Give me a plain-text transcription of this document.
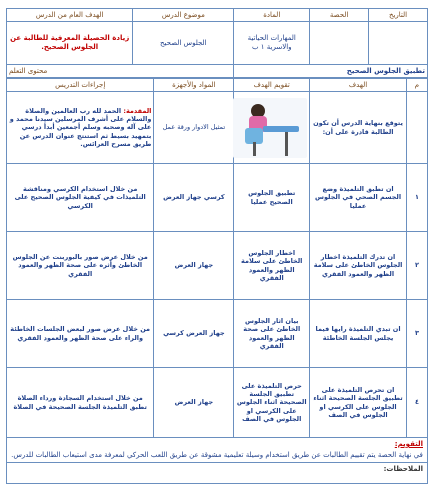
التاريخ	الحصة	المادة	موضوع الدرس	الهدف العام من الدرس
		المهارات الحياتية والاسرية ١ ب	الجلوس الصحيح	زيادة الحصيلة المعرفية للطالبة عن الجلوس الصحيح.
تطبيق الجلوس الصحيح			محتوى التعلم	
م	الهدف	تقويم الهدف	المواد والأجهزة	إجراءات التدريس
	يتوقع بنهاية الدرس أن تكون الطالبة قادرة على أن:		تمثيل الادوار ورقة عمل	المقدمة: الحمد لله رب العالمين والصلاة والسلام على أشرف المرسلين سيدنا محمد و على آله وصحبه وسلم أجمعين أبدأ درسي بتمهيد بسيط ثم استنتج عنوان الدرس عن طريق مسرح العرائس.
١	ان تطبق التلميذة وضع الجسم الصحي في الجلوس عمليا	تطبيق الجلوس الصحيح عمليا	كرسي جهاز العرض	من خلال استخدام الكرسي ومناقشة التلميذات في كيفية الجلوس الصحيح على الكرسي
٢	ان تدرك التلميذة اخطار الجلوس الخاطئ على سلامة الظهر والعمود الفقري	اخطار الجلوس الخاطئ على سلامة الظهر والعمود الفقري	جهاز العرض	من خلال عرض صور بالبوربنت عن الجلوس الخاطئ وأثره على صحة الظهر والعمود الفقري
٣	ان تبدي التلميذة رايها فيما يجلس الجلسة الخاطئة	بيان اثار الجلوس الخاطئ على صحة الظهر والعمود الفقري	جهاز العرض كرسي	من خلال عرض صور لبعض الجلسات الخاطئة والراء على صحة الظهر والعمود الفقري
٤	ان تحرص التلميذة على تطبيق الجلسة الصحيحة اثناء الجلوس على الكرسي او الجلوس في الصف	حرص التلميذة على تطبيق الجلسة الصحيحة اثناء الجلوس على الكرسي او الجلوس في الصف	جهاز العرض	من خلال استخدام السجادة ورداء الصلاة تطبق التلميذة الجلسة الصحيحة في الصلاة
التقويم:
في نهاية الحصة يتم تقييم الطالبات عن طريق استخدام وسيلة تعليمية مشوقة عن طريق اللعب الحركي لمعرفة مدى استيعاب الطالبات للدرس.				

الملاحظات:				
